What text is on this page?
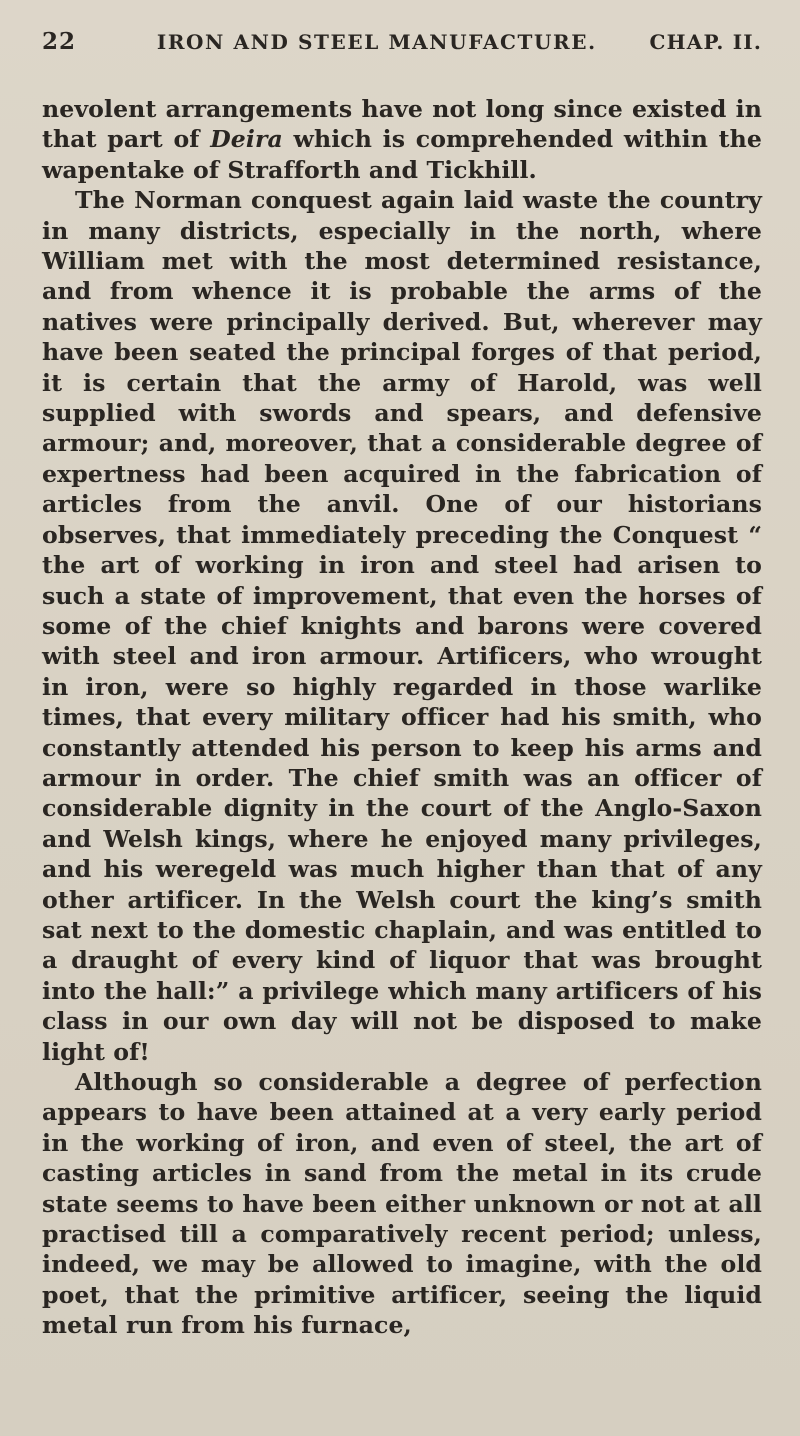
22	IRON AND STEEL MANUFACTURE.	CHAP. II.

nevolent arrangements have not long since existed in that part of Deira which is comprehended within the wapentake of Strafforth and Tickhill.

The Norman conquest again laid waste the country in many districts, especially in the north, where William met with the most determined resistance, and from whence it is probable the arms of the natives were principally derived. But, wherever may have been seated the principal forges of that period, it is certain that the army of Harold, was well supplied with swords and spears, and defensive armour; and, moreover, that a considerable degree of expertness had been acquired in the fabrication of articles from the anvil. One of our historians observes, that immediately preceding the Conquest “ the art of working in iron and steel had arisen to such a state of improvement, that even the horses of some of the chief knights and barons were covered with steel and iron armour. Artificers, who wrought in iron, were so highly regarded in those warlike times, that every military officer had his smith, who constantly attended his person to keep his arms and armour in order. The chief smith was an officer of considerable dignity in the court of the Anglo-Saxon and Welsh kings, where he enjoyed many privileges, and his weregeld was much higher than that of any other artificer. In the Welsh court the king’s smith sat next to the domestic chaplain, and was entitled to a draught of every kind of liquor that was brought into the hall:” a privilege which many artificers of his class in our own day will not be disposed to make light of!

Although so considerable a degree of perfection appears to have been attained at a very early period in the working of iron, and even of steel, the art of casting articles in sand from the metal in its crude state seems to have been either unknown or not at all practised till a comparatively recent period; unless, indeed, we may be allowed to imagine, with the old poet, that the primitive artificer, seeing the liquid metal run from his furnace,
